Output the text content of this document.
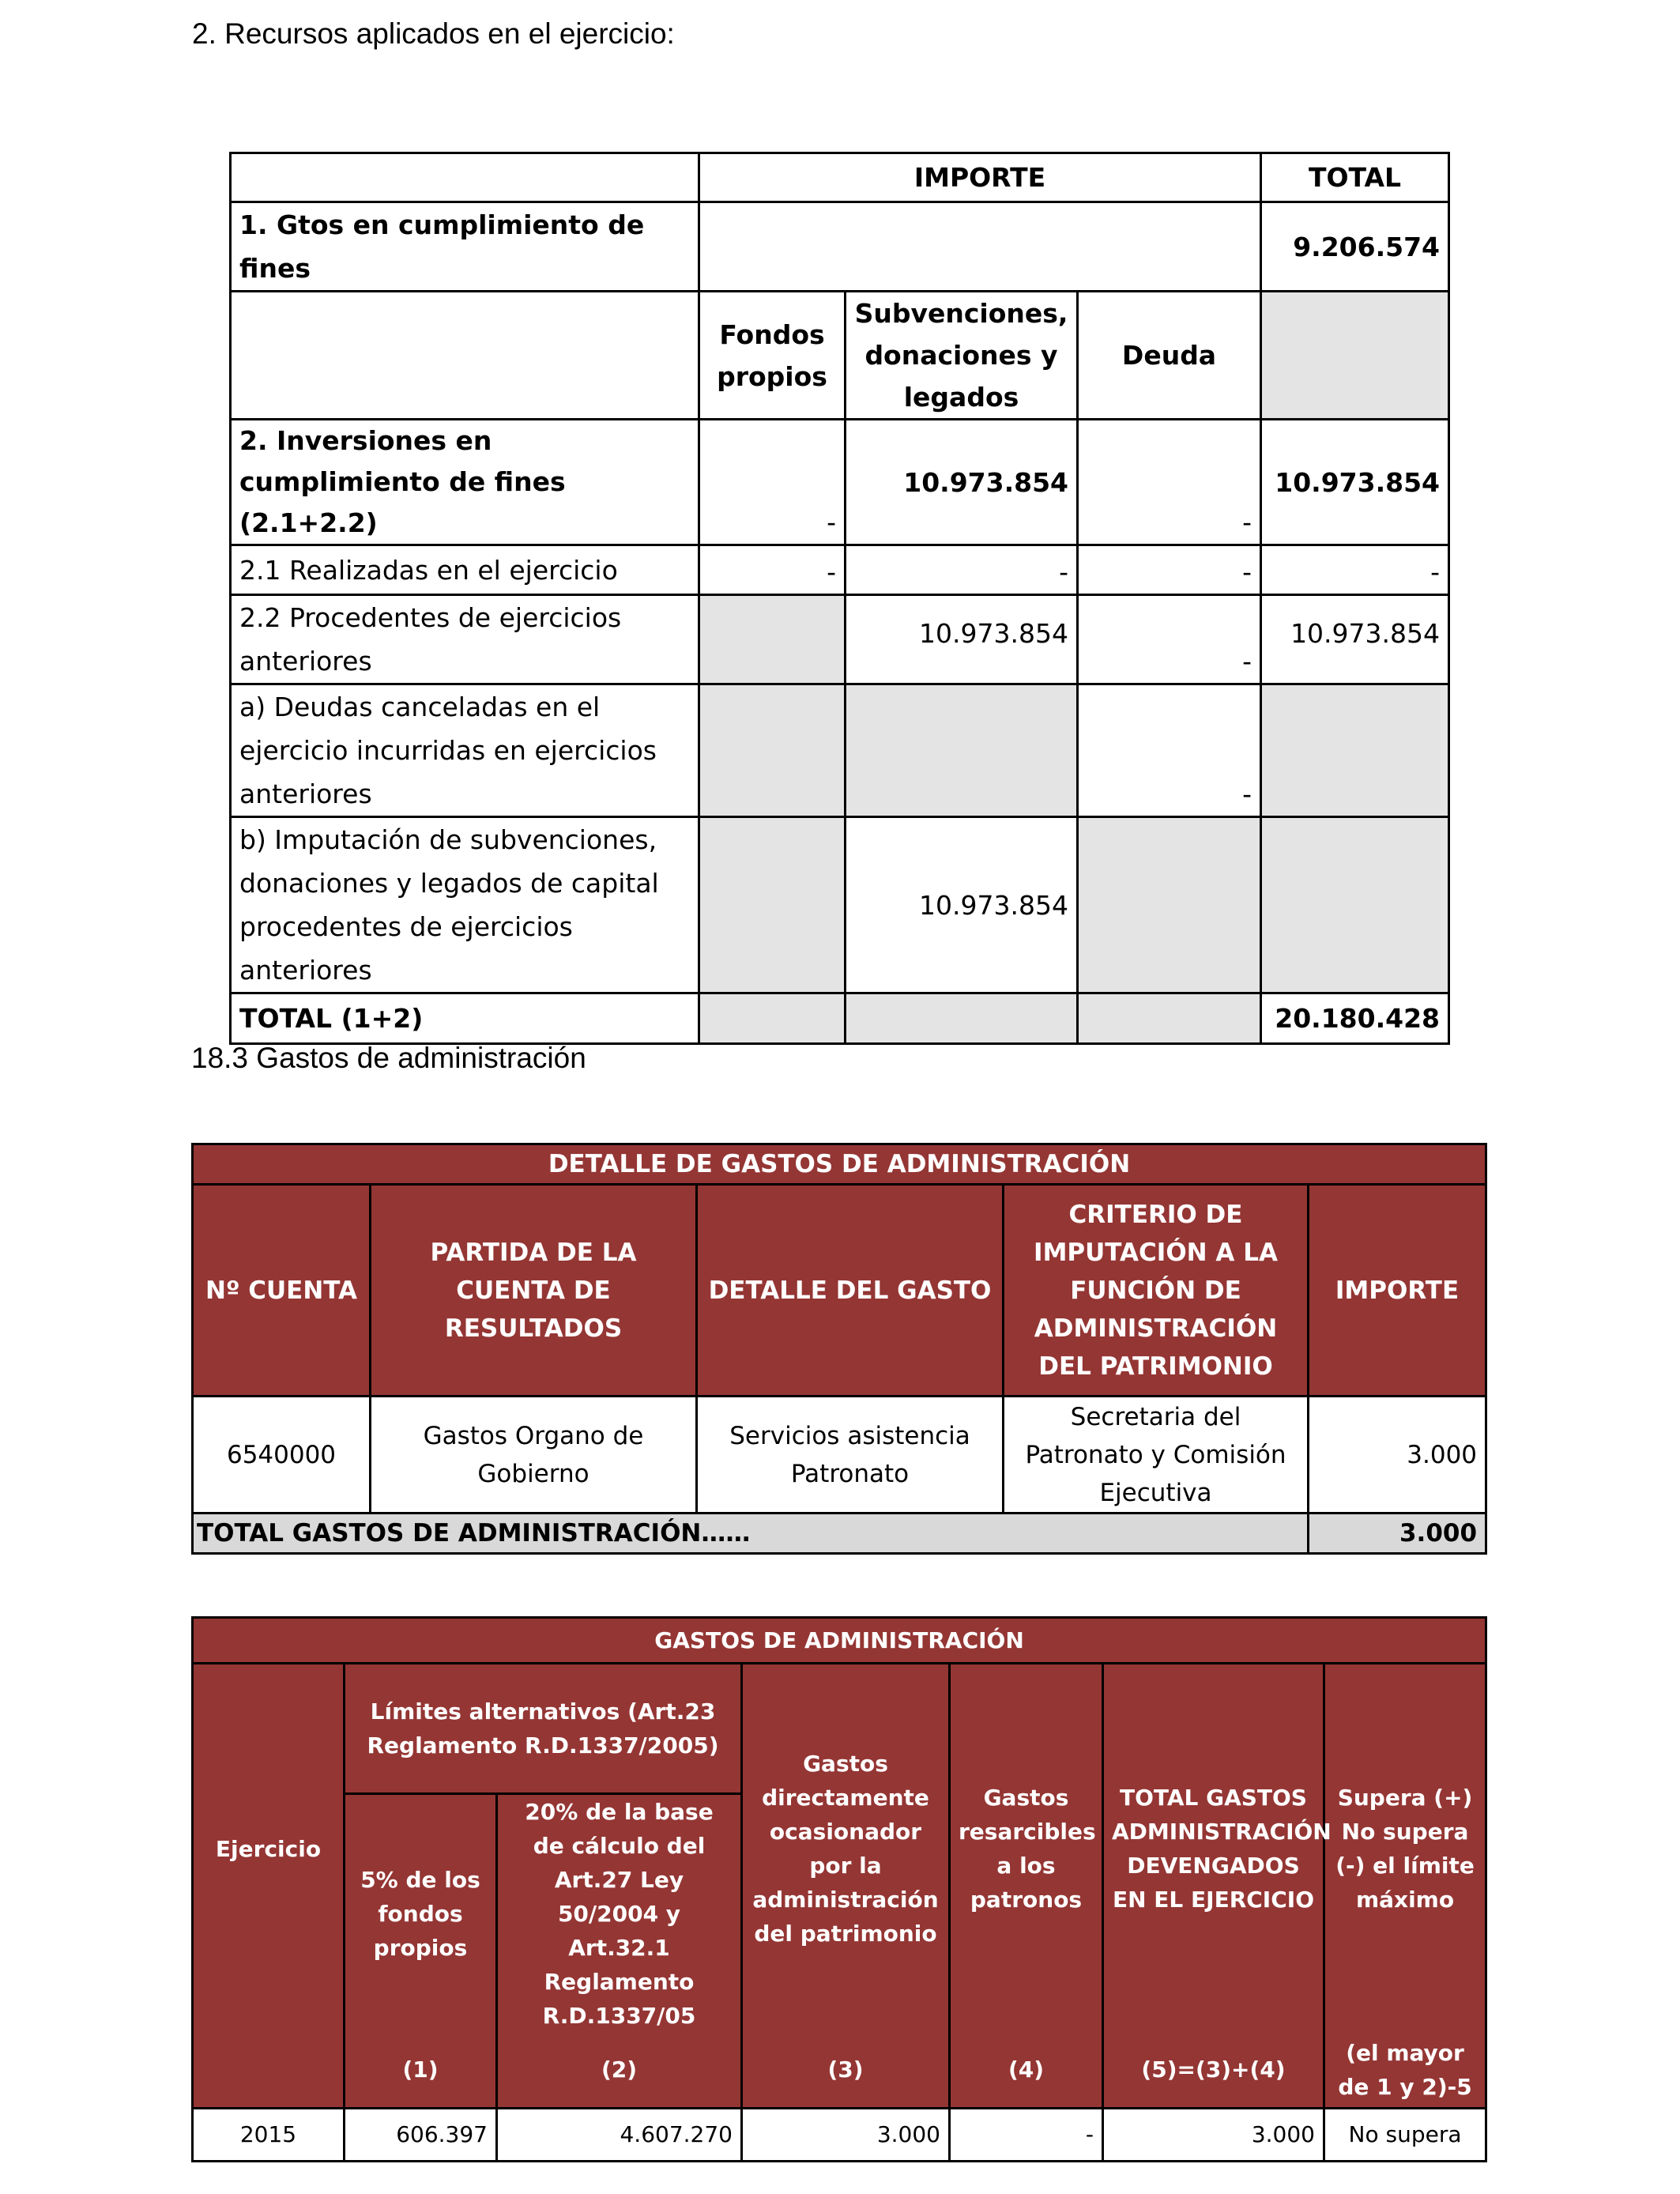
2. Recursos aplicados en el ejercicio:
	IMPORTE			TOTAL
1. Gtos en cumplimiento de fines				9.206.574
	Fondos propios	Subvenciones, donaciones y legados	Deuda	
2. Inversiones en cumplimiento de fines (2.1+2.2)	-	10.973.854	-	10.973.854
2.1 Realizadas en el ejercicio	-	-	-	-
2.2 Procedentes de ejercicios anteriores		10.973.854	-	10.973.854
a) Deudas canceladas en el ejercicio incurridas en ejercicios anteriores			-	
b) Imputación de subvenciones, donaciones y legados de capital procedentes de ejercicios anteriores		10.973.854		
TOTAL (1+2)				20.180.428
18.3 Gastos de administración
DETALLE DE GASTOS DE ADMINISTRACIÓN				
Nº CUENTA	PARTIDA DE LA CUENTA DE RESULTADOS	DETALLE DEL GASTO	CRITERIO DE IMPUTACIÓN A LA FUNCIÓN DE ADMINISTRACIÓN DEL PATRIMONIO	IMPORTE
6540000	Gastos Organo de Gobierno	Servicios asistencia Patronato	Secretaria del Patronato y Comisión Ejecutiva	3.000
TOTAL GASTOS DE ADMINISTRACIÓN……				3.000
GASTOS DE ADMINISTRACIÓN						
Ejercicio	Límites alternativos (Art.23 Reglamento R.D.1337/2005)		Gastos directamente ocasionador por la administración del patrimonio	Gastos resarcibles a los patronos	TOTAL GASTOS ADMINISTRACIÓN DEVENGADOS EN EL EJERCICIO	Supera (+) No supera (-) el límite máximo
	5% de los fondos propios	20% de la base de cálculo del Art.27 Ley 50/2004 y Art.32.1 Reglamento R.D.1337/05				
	(1)	(2)	(3)	(4)	(5)=(3)+(4)	(el mayor de 1 y 2)-5
2015	606.397	4.607.270	3.000	-	3.000	No supera
